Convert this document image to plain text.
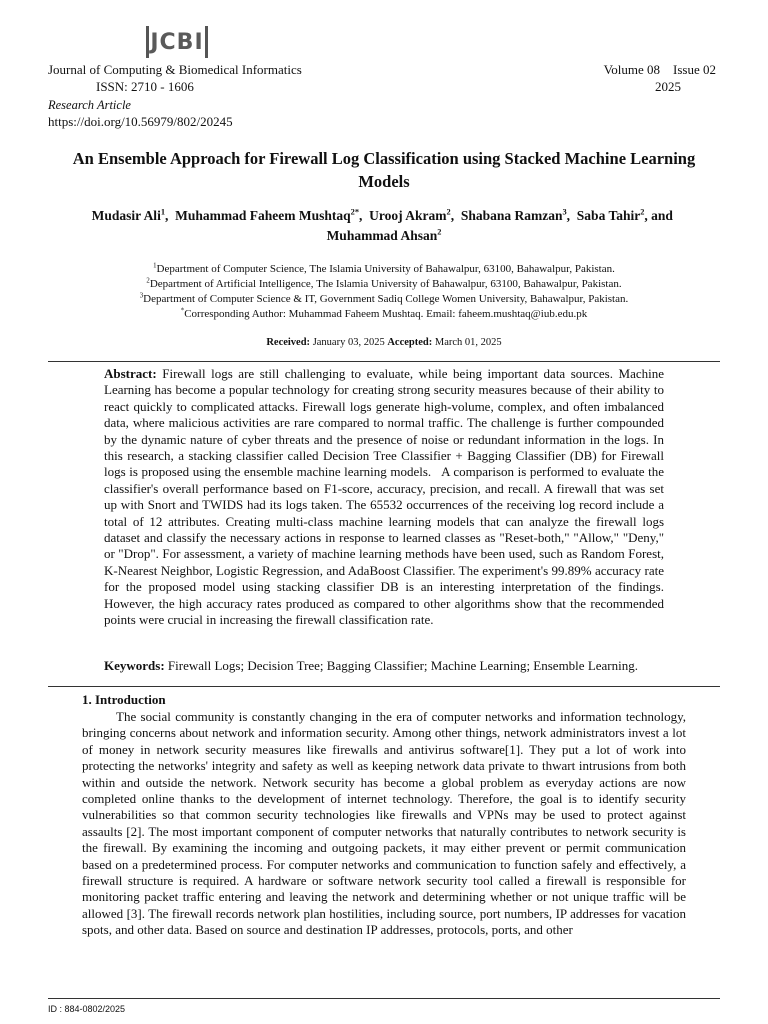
JCBI
Journal of Computing & Biomedical Informatics
ISSN: 2710 - 1606
Volume 08    Issue 02
2025
Research Article
https://doi.org/10.56979/802/20245
An Ensemble Approach for Firewall Log Classification using Stacked Machine Learning Models
Mudasir Ali$^1$,  Muhammad Faheem Mushtaq$^{2*}$,  Urooj Akram$^2$,  Shabana Ramzan$^3$,  Saba Tahir$^2$, and  Muhammad Ahsan$^2$
$^1$Department of Computer Science, The Islamia University of Bahawalpur, 63100, Bahawalpur, Pakistan.
$^2$Department of Artificial Intelligence, The Islamia University of Bahawalpur, 63100, Bahawalpur, Pakistan.
$^3$Department of Computer Science & IT, Government Sadiq College Women University, Bahawalpur, Pakistan.
*Corresponding Author: Muhammad Faheem Mushtaq. Email: faheem.mushtaq@iub.edu.pk
Received: January 03, 2025 Accepted: March 01, 2025
Abstract: Firewall logs are still challenging to evaluate, while being important data sources. Machine Learning has become a popular technology for creating strong security measures because of their ability to react quickly to complicated attacks. Firewall logs generate high-volume, complex, and often imbalanced data, where malicious activities are rare compared to normal traffic. The challenge is further compounded by the dynamic nature of cyber threats and the presence of noise or redundant information in the logs. In this research, a stacking classifier called Decision Tree Classifier + Bagging Classifier (DB) for Firewall logs is proposed using the ensemble machine learning models.   A comparison is performed to evaluate the classifier's overall performance based on F1-score, accuracy, precision, and recall. A firewall that was set up with Snort and TWIDS had its logs taken. The 65532 occurrences of the receiving log record include a total of 12 attributes. Creating multi-class machine learning models that can analyze the firewall logs dataset and classify the necessary actions in response to learned classes as "Reset-both," "Allow," "Deny," or "Drop". For assessment, a variety of machine learning methods have been used, such as Random Forest, K-Nearest Neighbor, Logistic Regression, and AdaBoost Classifier. The experiment's 99.89% accuracy rate for the proposed model using stacking classifier DB is an interesting interpretation of the findings. However, the high accuracy rates produced as compared to other algorithms show that the recommended points were crucial in increasing the firewall classification rate.
Keywords: Firewall Logs; Decision Tree; Bagging Classifier; Machine Learning; Ensemble Learning.
1. Introduction
The social community is constantly changing in the era of computer networks and information technology, bringing concerns about network and information security. Among other things, network administrators invest a lot of money in network security measures like firewalls and antivirus software[1]. They put a lot of work into protecting the networks' integrity and safety as well as keeping network data private to thwart intrusions from both within and outside the network. Network security has become a global problem as everyday actions are now completed online thanks to the development of internet technology. Therefore, the goal is to identify security vulnerabilities so that common security technologies like firewalls and VPNs may be used to protect against assaults [2]. The most important component of computer networks that naturally contributes to network security is the firewall. By examining the incoming and outgoing packets, it may either prevent or permit communication based on a predetermined process. For computer networks and communication to function safely and effectively, a firewall structure is required. A hardware or software network security tool called a firewall is responsible for monitoring packet traffic entering and leaving the network and determining whether or not unique traffic will be allowed [3]. The firewall records network plan hostilities, including source, port numbers, IP addresses for vacation spots, and other data. Based on source and destination IP addresses, protocols, ports, and other
ID : 884-0802/2025
